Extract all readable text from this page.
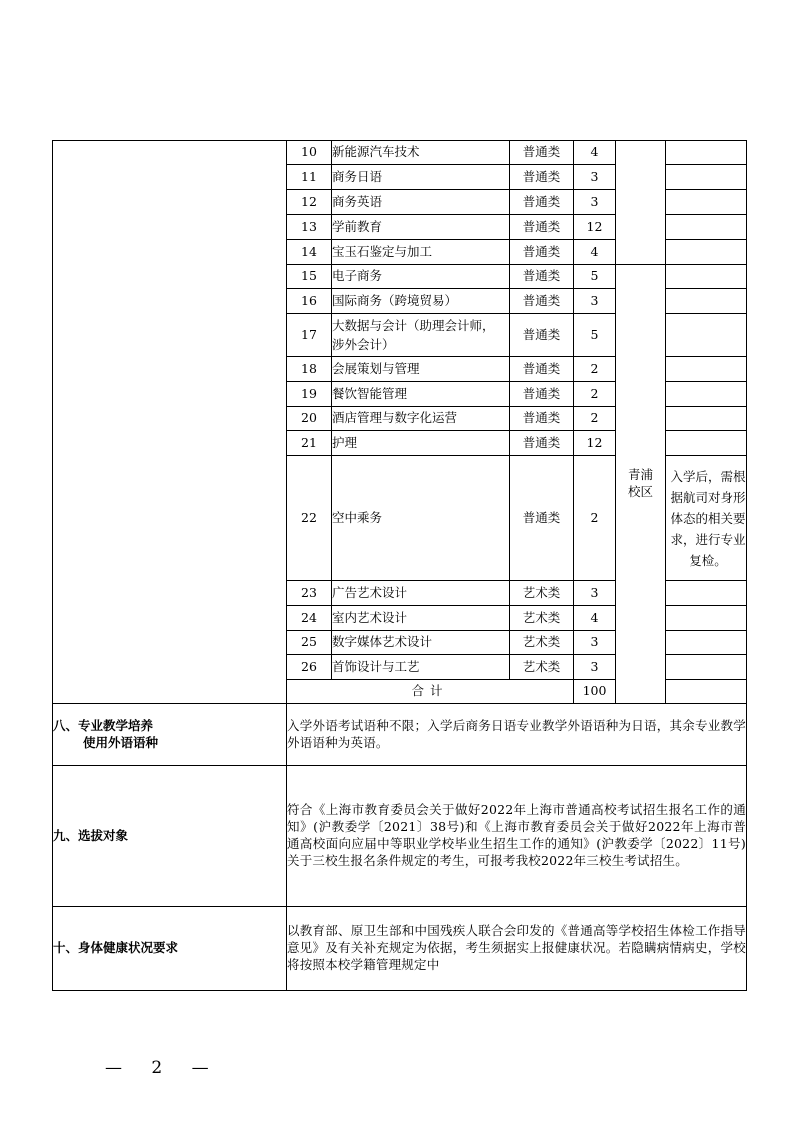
	10	新能源汽车技术	普通类	4			
	11	商务日语	普通类	3			
	12	商务英语	普通类	3			
	13	学前教育	普通类	12			
	14	宝玉石鉴定与加工	普通类	4			
	15	电子商务	普通类	5	青浦校区		
	16	国际商务（跨境贸易）	普通类	3			
	17	大数据与会计（助理会计师，涉外会计）	普通类	5			
	18	会展策划与管理	普通类	2			
	19	餐饮智能管理	普通类	2			
	20	酒店管理与数字化运营	普通类	2			
	21	护理	普通类	12			
	22	空中乘务	普通类	2		入学后，需根据航司对身形体态的相关要求，进行专业复检。	
	23	广告艺术设计	艺术类	3			
	24	室内艺术设计	艺术类	4			
	25	数字媒体艺术设计	艺术类	3			
	26	首饰设计与工艺	艺术类	3			
	合计			100			

八、专业教学培养
使用外语语种	入学外语考试语种不限；入学后商务日语专业教学外语语种为日语，其余专业教学外语语种为英语。						
九、选拔对象	符合《上海市教育委员会关于做好2022年上海市普通高校考试招生报名工作的通知》(沪教委学〔2021〕38号)和《上海市教育委员会关于做好2022年上海市普通高校面向应届中等职业学校毕业生招生工作的通知》(沪教委学〔2022〕11号)关于三校生报名条件规定的考生，可报考我校2022年三校生考试招生。						
十、身体健康状况要求	以教育部、原卫生部和中国残疾人联合会印发的《普通高等学校招生体检工作指导意见》及有关补充规定为依据，考生须据实上报健康状况。若隐瞒病情病史，学校将按照本校学籍管理规定中						
— 2 —
